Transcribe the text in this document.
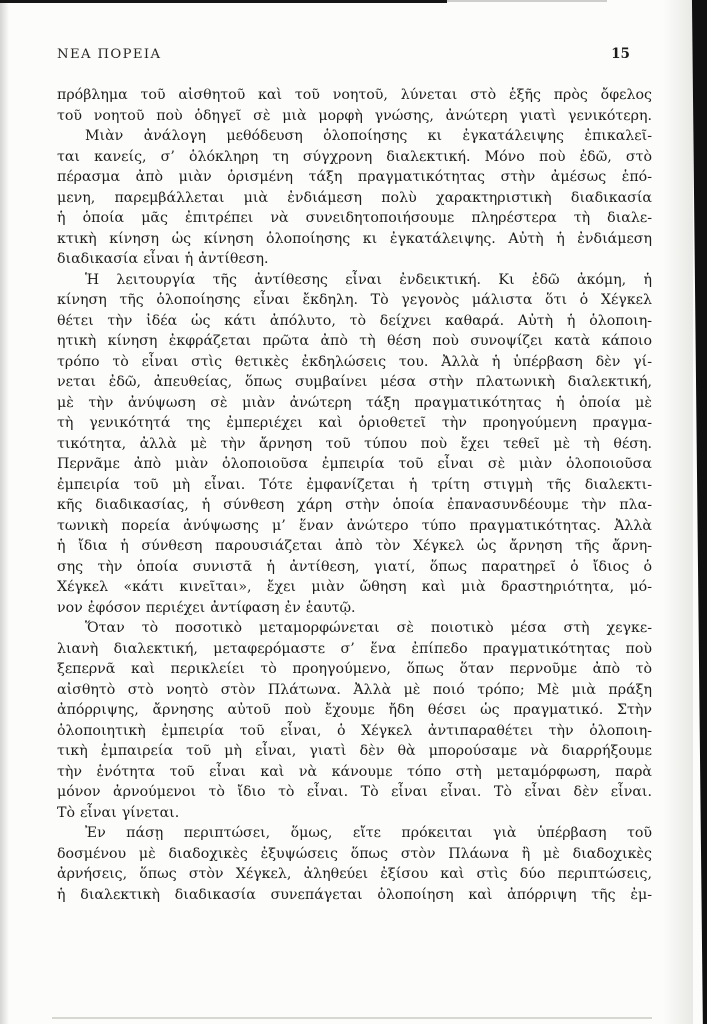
ΝΕΑ ΠΟΡΕΙΑ	15
πρόβλημα τοῦ αἰσθητοῦ καὶ τοῦ νοητοῦ, λύνεται στὸ ἑξῆς πρὸς ὄφελος
τοῦ νοητοῦ ποὺ ὁδηγεῖ σὲ μιὰ μορφὴ γνώσης, ἀνώτερη γιατὶ γενικότερη.
Μιὰν ἀνάλογη μεθόδευση ὁλοποίησης κι ἐγκατάλειψης ἐπικαλεῖ-
ται κανείς, σ’ ὁλόκληρη τη σύγχρονη διαλεκτική. Μόνο ποὺ ἐδῶ, στὸ
πέρασμα ἀπὸ μιὰν ὁρισμένη τάξη πραγματικότητας στὴν ἀμέσως ἑπό-
μενη, παρεμβάλλεται μιὰ ἐνδιάμεση πολὺ χαρακτηριστικὴ διαδικασία
ἡ ὁποία μᾶς ἐπιτρέπει νὰ συνειδητοποιήσουμε πληρέστερα τὴ διαλε-
κτικὴ κίνηση ὡς κίνηση ὁλοποίησης κι ἐγκατάλειψης. Αὐτὴ ἡ ἐνδιάμεση
διαδικασία εἶναι ἡ ἀντίθεση.
Ἡ λειτουργία τῆς ἀντίθεσης εἶναι ἐνδεικτική. Κι ἐδῶ ἀκόμη, ἡ
κίνηση τῆς ὁλοποίησης εἶναι ἔκδηλη. Τὸ γεγονὸς μάλιστα ὅτι ὁ Χέγκελ
θέτει τὴν ἰδέα ὡς κάτι ἀπόλυτο, τὸ δείχνει καθαρά. Αὐτὴ ἡ ὁλοποιη-
ητικὴ κίνηση ἐκφράζεται πρῶτα ἀπὸ τὴ θέση ποὺ συνοψίζει κατὰ κάποιο
τρόπο τὸ εἶναι στὶς θετικὲς ἐκδηλώσεις του. Ἀλλὰ ἡ ὑπέρβαση δὲν γί-
νεται ἐδῶ, ἀπευθείας, ὅπως συμβαίνει μέσα στὴν πλατωνικὴ διαλεκτική,
μὲ τὴν ἀνύψωση σὲ μιὰν ἀνώτερη τάξη πραγματικότητας ἡ ὁποία μὲ
τὴ γενικότητά της ἐμπεριέχει καὶ ὁριοθετεῖ τὴν προηγούμενη πραγμα-
τικότητα, ἀλλὰ μὲ τὴν ἄρνηση τοῦ τύπου ποὺ ἔχει τεθεῖ μὲ τὴ θέση.
Περνᾶμε ἀπὸ μιὰν ὁλοποιοῦσα ἐμπειρία τοῦ εἶναι σὲ μιὰν ὁλοποιοῦσα
ἐμπειρία τοῦ μὴ εἶναι. Τότε ἐμφανίζεται ἡ τρίτη στιγμὴ τῆς διαλεκτι-
κῆς διαδικασίας, ἡ σύνθεση χάρη στὴν ὁποία ἐπανασυνδέουμε τὴν πλα-
τωνικὴ πορεία ἀνύψωσης μ’ ἕναν ἀνώτερο τύπο πραγματικότητας. Ἀλλὰ
ἡ ἴδια ἡ σύνθεση παρουσιάζεται ἀπὸ τὸν Χέγκελ ὡς ἄρνηση τῆς ἄρνη-
σης τὴν ὁποία συνιστᾶ ἡ ἀντίθεση, γιατί, ὅπως παρατηρεῖ ὁ ἴδιος ὁ
Χέγκελ «κάτι κινεῖται», ἔχει μιὰν ὤθηση καὶ μιὰ δραστηριότητα, μό-
νον ἐφόσον περιέχει ἀντίφαση ἐν ἑαυτῷ.
Ὅταν τὸ ποσοτικὸ μεταμορφώνεται σὲ ποιοτικὸ μέσα στὴ χεγκε-
λιανὴ διαλεκτική, μεταφερόμαστε σ’ ἕνα ἐπίπεδο πραγματικότητας ποὺ
ξεπερνᾶ καὶ περικλείει τὸ προηγούμενο, ὅπως ὅταν περνοῦμε ἀπὸ τὸ
αἰσθητὸ στὸ νοητὸ στὸν Πλάτωνα. Ἀλλὰ μὲ ποιό τρόπο; Μὲ μιὰ πράξη
ἀπόρριψης, ἄρνησης αὐτοῦ ποὺ ἔχουμε ἤδη θέσει ὡς πραγματικό. Στὴν
ὁλοποιητικὴ ἐμπειρία τοῦ εἶναι, ὁ Χέγκελ ἀντιπαραθέτει τὴν ὁλοποιη-
τικὴ ἐμπαιρεία τοῦ μὴ εἶναι, γιατὶ δὲν θὰ μπορούσαμε νὰ διαρρήξουμε
τὴν ἑνότητα τοῦ εἶναι καὶ νὰ κάνουμε τόπο στὴ μεταμόρφωση, παρὰ
μόνον ἀρνούμενοι τὸ ἴδιο τὸ εἶναι. Τὸ εἶναι εἶναι. Τὸ εἶναι δὲν εἶναι.
Τὸ εἶναι γίνεται.
Ἐν πάσῃ περιπτώσει, ὅμως, εἴτε πρόκειται γιὰ ὑπέρβαση τοῦ
δοσμένου μὲ διαδοχικὲς ἐξυψώσεις ὅπως στὸν Πλάωνα ἢ μὲ διαδοχικὲς
ἀρνήσεις, ὅπως στὸν Χέγκελ, ἀληθεύει ἐξίσου καὶ στὶς δύο περιπτώσεις,
ἡ διαλεκτικὴ διαδικασία συνεπάγεται ὁλοποίηση καὶ ἀπόρριψη τῆς ἐμ-
